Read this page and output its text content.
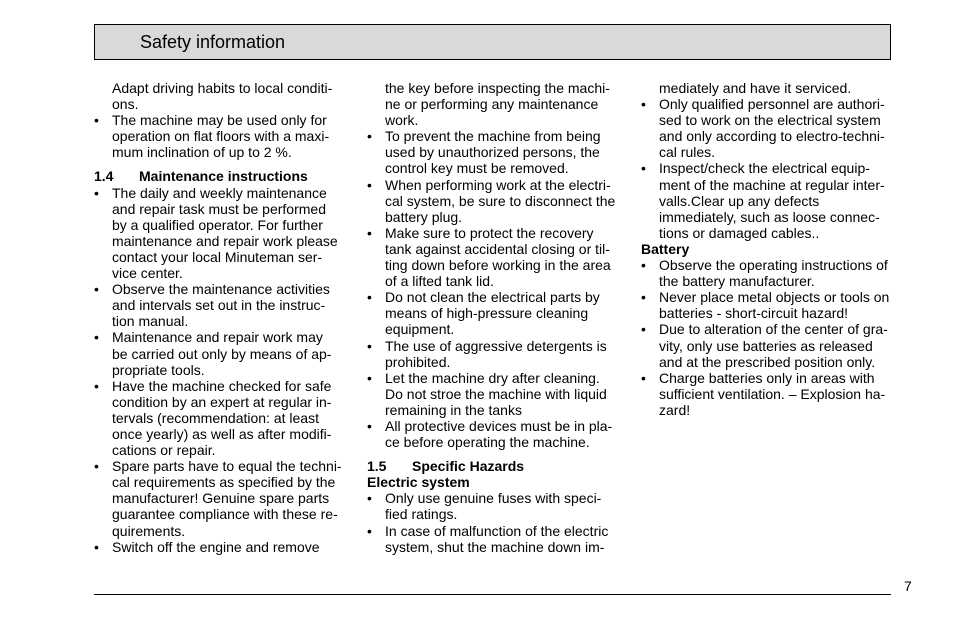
Safety information
Adapt driving habits to local conditi-
ons.
• The machine may be used only for
operation on flat floors with a maxi-
mum inclination of up to 2 %.
1.4 Maintenance instructions
• The daily and weekly maintenance
and repair task must be performed
by a qualified operator. For further
maintenance and repair work please
contact your local Minuteman ser-
vice center.
• Observe the maintenance activities
and intervals set out in the instruc-
tion manual.
• Maintenance and repair work may
be carried out only by means of ap-
propriate tools.
• Have the machine checked for safe
condition by an expert at regular in-
tervals (recommendation: at least
once yearly) as well as after modifi-
cations or repair.
• Spare parts have to equal the techni-
cal requirements as specified by the
manufacturer! Genuine spare parts
guarantee compliance with these re-
quirements.
• Switch off the engine and remove
the key before inspecting the machi-
ne or performing any maintenance
work.
• To prevent the machine from being
used by unauthorized persons, the
control key must be removed.
• When performing work at the electri-
cal system, be sure to disconnect the
battery plug.
• Make sure to protect the recovery
tank against accidental closing or til-
ting down before working in the area
of a lifted tank lid.
• Do not clean the electrical parts by
means of high-pressure cleaning
equipment.
• The use of aggressive detergents is
prohibited.
• Let the machine dry after cleaning.
Do not stroe the machine with liquid
remaining in the tanks
• All protective devices must be in pla-
ce before operating the machine.
1.5 Specific Hazards
Electric system
• Only use genuine fuses with speci-
fied ratings.
• In case of malfunction of the electric
system, shut the machine down im-
mediately and have it serviced.
• Only qualified personnel are authori-
sed to work on the electrical system
and only according to electro-techni-
cal rules.
• Inspect/check the electrical equip-
ment of the machine at regular inter-
valls.Clear up any defects
immediately, such as loose connec-
tions or damaged cables..
Battery
• Observe the operating instructions of
the battery manufacturer.
• Never place metal objects or tools on
batteries - short-circuit hazard!
• Due to alteration of the center of gra-
vity, only use batteries as released
and at the prescribed position only.
• Charge batteries only in areas with
sufficient ventilation. – Explosion ha-
zard!
7
